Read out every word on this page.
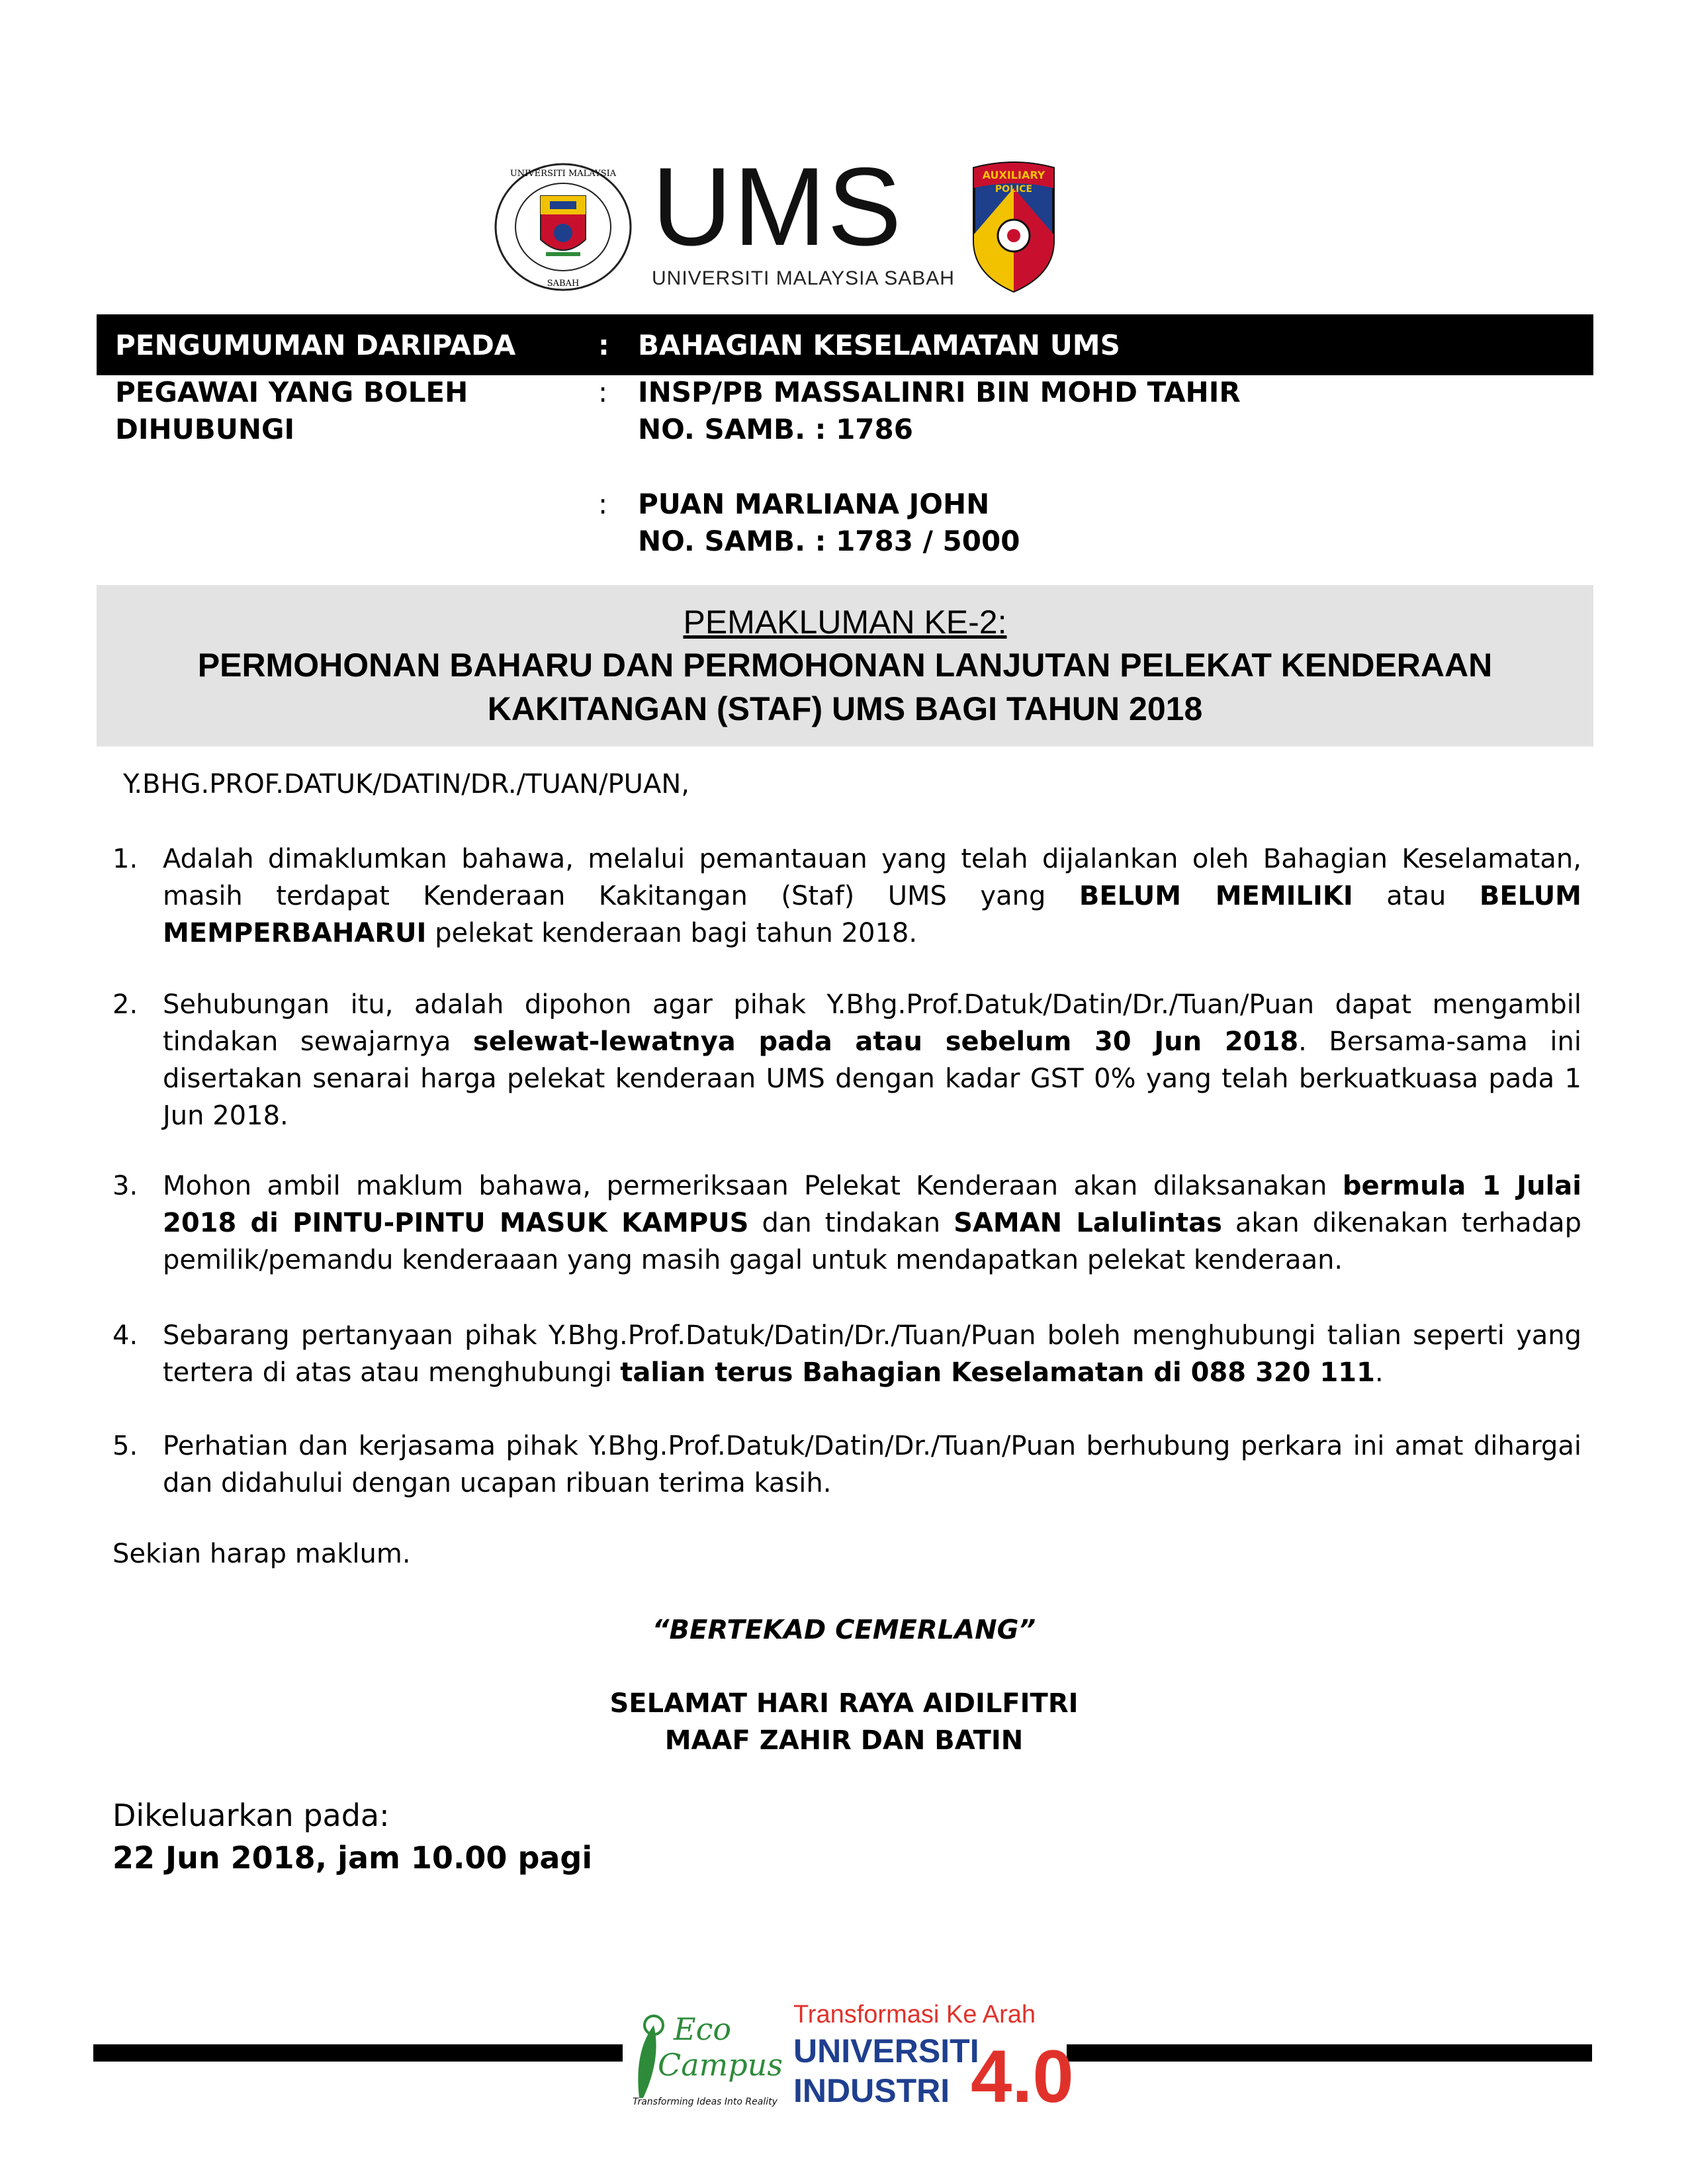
UNIVERSITI MALAYSIA
SABAH
UMS
UNIVERSITI MALAYSIA SABAH
AUXILIARY
POLICE
PENGUMUMAN DARIPADA	: BAHAGIAN KESELAMATAN UMS
PEGAWAI YANG BOLEH
DIHUBUNGI
: INSP/PB MASSALINRI BIN MOHD TAHIR
NO. SAMB. : 1786
: PUAN MARLIANA JOHN
NO. SAMB. : 1783 / 5000
PEMAKLUMAN KE-2:
PERMOHONAN BAHARU DAN PERMOHONAN LANJUTAN PELEKAT KENDERAAN
KAKITANGAN (STAF) UMS BAGI TAHUN 2018
Y.BHG.PROF.DATUK/DATIN/DR./TUAN/PUAN,
1. Adalah dimaklumkan bahawa, melalui pemantauan yang telah dijalankan oleh Bahagian Keselamatan, masih terdapat Kenderaan Kakitangan (Staf) UMS yang BELUM MEMILIKI atau BELUM MEMPERBAHARUI pelekat kenderaan bagi tahun 2018.
2. Sehubungan itu, adalah dipohon agar pihak Y.Bhg.Prof.Datuk/Datin/Dr./Tuan/Puan dapat mengambil tindakan sewajarnya selewat-lewatnya pada atau sebelum 30 Jun 2018. Bersama-sama ini disertakan senarai harga pelekat kenderaan UMS dengan kadar GST 0% yang telah berkuatkuasa pada 1 Jun 2018.
3. Mohon ambil maklum bahawa, permeriksaan Pelekat Kenderaan akan dilaksanakan bermula 1 Julai 2018 di PINTU-PINTU MASUK KAMPUS dan tindakan SAMAN Lalulintas akan dikenakan terhadap pemilik/pemandu kenderaaan yang masih gagal untuk mendapatkan pelekat kenderaan.
4. Sebarang pertanyaan pihak Y.Bhg.Prof.Datuk/Datin/Dr./Tuan/Puan boleh menghubungi talian seperti yang tertera di atas atau menghubungi talian terus Bahagian Keselamatan di 088 320 111.
5. Perhatian dan kerjasama pihak Y.Bhg.Prof.Datuk/Datin/Dr./Tuan/Puan berhubung perkara ini amat dihargai dan didahului dengan ucapan ribuan terima kasih.
Sekian harap maklum.
“BERTEKAD CEMERLANG”
SELAMAT HARI RAYA AIDILFITRI
MAAF ZAHIR DAN BATIN
Dikeluarkan pada:
22 Jun 2018, jam 10.00 pagi
Eco
Campus
Transforming Ideas Into Reality
Transformasi Ke Arah
UNIVERSITI
INDUSTRI 4.0
